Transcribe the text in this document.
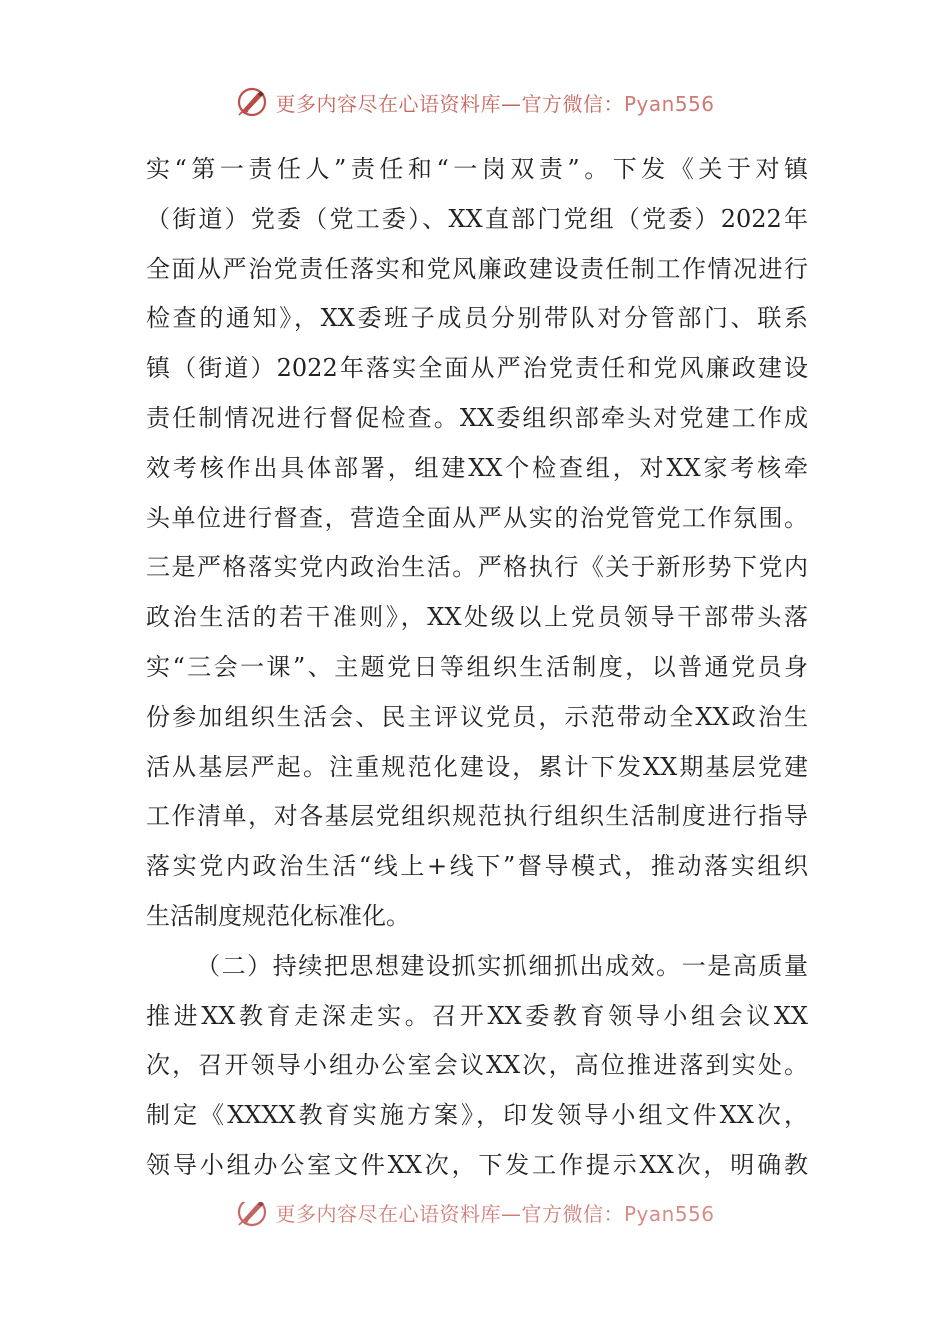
更多内容尽在心语资料库—官方微信：Pyan556
实“第一责任人”责任和“一岗双责”。下发《关于对镇
（街道）党委（党工委）、XX直部门党组（党委）2022年
全面从严治党责任落实和党风廉政建设责任制工作情况进行
检查的通知》，XX委班子成员分别带队对分管部门、联系
镇（街道）2022年落实全面从严治党责任和党风廉政建设
责任制情况进行督促检查。XX委组织部牵头对党建工作成
效考核作出具体部署，组建XX个检查组，对XX家考核牵
头单位进行督查，营造全面从严从实的治党管党工作氛围。
三是严格落实党内政治生活。严格执行《关于新形势下党内
政治生活的若干准则》，XX处级以上党员领导干部带头落
实“三会一课”、主题党日等组织生活制度，以普通党员身
份参加组织生活会、民主评议党员，示范带动全XX政治生
活从基层严起。注重规范化建设，累计下发XX期基层党建
工作清单，对各基层党组织规范执行组织生活制度进行指导
落实党内政治生活“线上+线下”督导模式，推动落实组织
生活制度规范化标准化。
（二）持续把思想建设抓实抓细抓出成效。一是高质量
推进XX教育走深走实。召开XX委教育领导小组会议XX
次，召开领导小组办公室会议XX次，高位推进落到实处。
制定《XXXX教育实施方案》，印发领导小组文件XX次，
领导小组办公室文件XX次，下发工作提示XX次，明确教
更多内容尽在心语资料库—官方微信：Pyan556
